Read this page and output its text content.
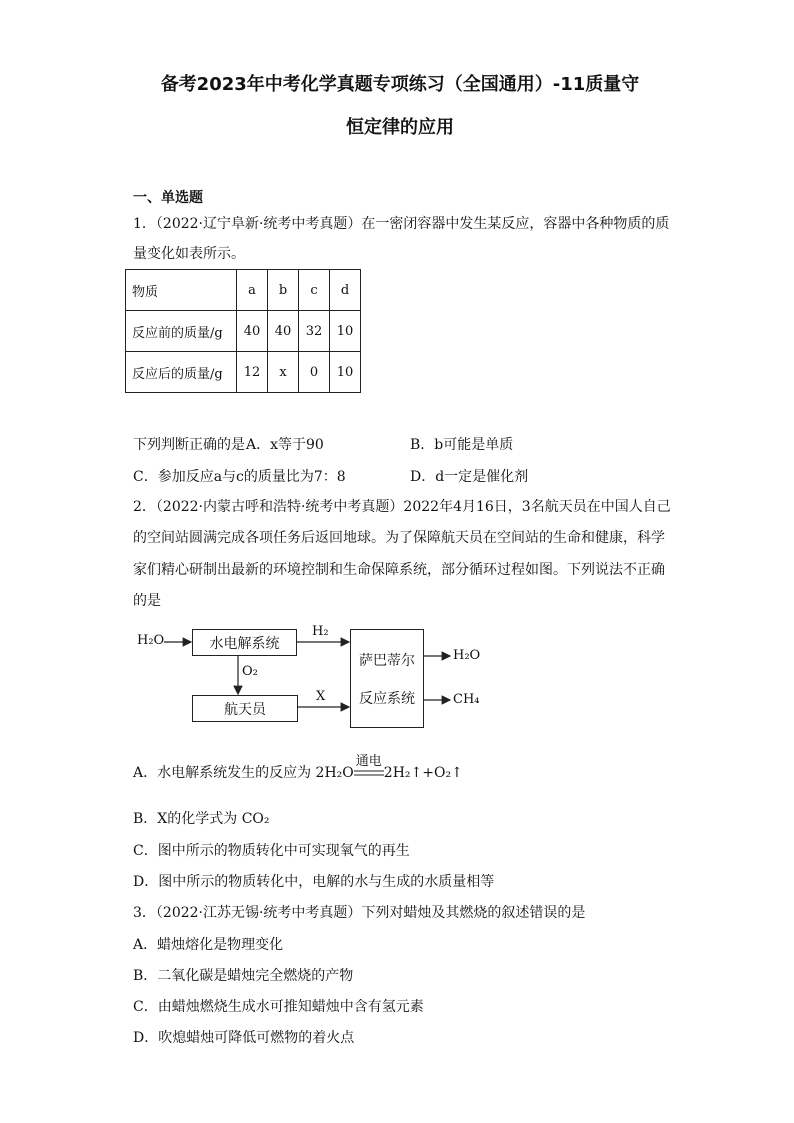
备考2023年中考化学真题专项练习（全国通用）-11质量守
恒定律的应用
一、单选题
1．（2022·辽宁阜新·统考中考真题）在一密闭容器中发生某反应，容器中各种物质的质
量变化如表所示。
物质	a	b	c	d
反应前的质量/g	40	40	32	10
反应后的质量/g	12	x	0	10
下列判断正确的是 A．x等于90	B．b可能是单质
C．参加反应a与c的质量比为7：8	D．d一定是催化剂
2．（2022·内蒙古呼和浩特·统考中考真题）2022年4月16日，3名航天员在中国人自己
的空间站圆满完成各项任务后返回地球。为了保障航天员在空间站的生命和健康，科学
家们精心研制出最新的环境控制和生命保障系统，部分循环过程如图。下列说法不正确
的是
H₂O	水电解系统
航天员
萨巴蒂尔
反应系统
H₂
O₂
X
H₂O
CH₄
A．水电解系统发生的反应为 2H₂O
通电
2H₂↑+O₂↑
B．X的化学式为 CO₂
C．图中所示的物质转化中可实现氧气的再生
D．图中所示的物质转化中，电解的水与生成的水质量相等
3．（2022·江苏无锡·统考中考真题）下列对蜡烛及其燃烧的叙述错误的是
A．蜡烛熔化是物理变化
B．二氧化碳是蜡烛完全燃烧的产物
C．由蜡烛燃烧生成水可推知蜡烛中含有氢元素
D．吹熄蜡烛可降低可燃物的着火点
